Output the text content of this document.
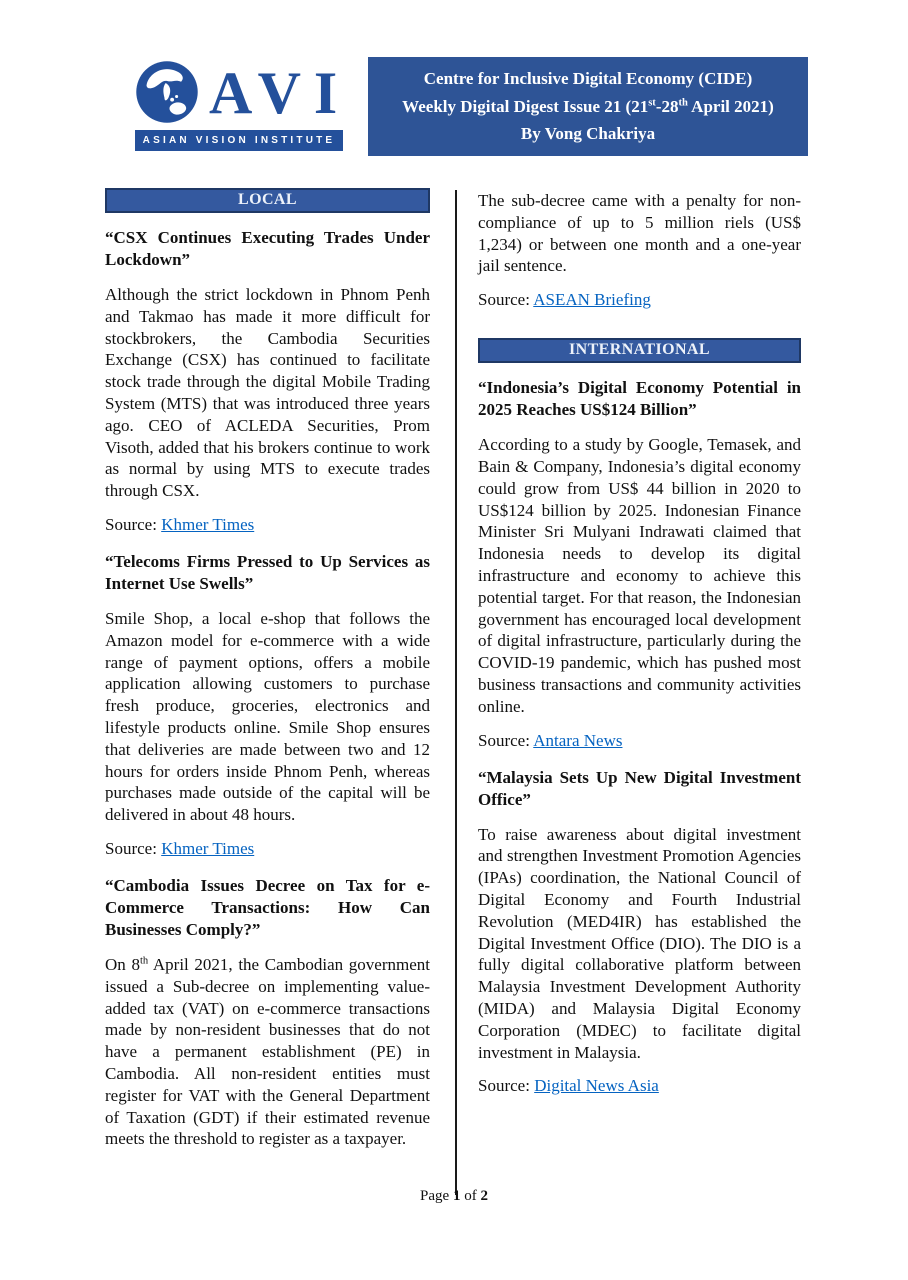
AVI
ASIAN VISION INSTITUTE
Centre for Inclusive Digital Economy (CIDE)
Weekly Digital Digest Issue 21 (21st-28th April 2021)
By Vong Chakriya
LOCAL
“CSX Continues Executing Trades Under Lockdown”

Although the strict lockdown in Phnom Penh and Takmao has made it more difficult for stockbrokers, the Cambodia Securities Exchange (CSX) has continued to facilitate stock trade through the digital Mobile Trading System (MTS) that was introduced three years ago. CEO of ACLEDA Securities, Prom Visoth, added that his brokers continue to work as normal by using MTS to execute trades through CSX.

Source: Khmer Times

“Telecoms Firms Pressed to Up Services as Internet Use Swells”

Smile Shop, a local e-shop that follows the Amazon model for e-commerce with a wide range of payment options, offers a mobile application allowing customers to purchase fresh produce, groceries, electronics and lifestyle products online. Smile Shop ensures that deliveries are made between two and 12 hours for orders inside Phnom Penh, whereas purchases made outside of the capital will be delivered in about 48 hours.

Source: Khmer Times

“Cambodia Issues Decree on Tax for e-Commerce Transactions: How Can Businesses Comply?”

On 8th April 2021, the Cambodian government issued a Sub-decree on implementing value-added tax (VAT) on e-commerce transactions made by non-resident businesses that do not have a permanent establishment (PE) in Cambodia. All non-resident entities must register for VAT with the General Department of Taxation (GDT) if their estimated revenue meets the threshold to register as a taxpayer.

The sub-decree came with a penalty for non-compliance of up to 5 million riels (US$ 1,234) or between one month and a one-year jail sentence.

Source: ASEAN Briefing

INTERNATIONAL
“Indonesia’s Digital Economy Potential in 2025 Reaches US$124 Billion”

According to a study by Google, Temasek, and Bain & Company, Indonesia’s digital economy could grow from US$ 44 billion in 2020 to US$124 billion by 2025. Indonesian Finance Minister Sri Mulyani Indrawati claimed that Indonesia needs to develop its digital infrastructure and economy to achieve this potential target. For that reason, the Indonesian government has encouraged local development of digital infrastructure, particularly during the COVID-19 pandemic, which has pushed most business transactions and community activities online.

Source: Antara News

“Malaysia Sets Up New Digital Investment Office”

To raise awareness about digital investment and strengthen Investment Promotion Agencies (IPAs) coordination, the National Council of Digital Economy and Fourth Industrial Revolution (MED4IR) has established the Digital Investment Office (DIO). The DIO is a fully digital collaborative platform between Malaysia Investment Development Authority (MIDA) and Malaysia Digital Economy Corporation (MDEC) to facilitate digital investment in Malaysia.

Source: Digital News Asia

Page 1 of 2
